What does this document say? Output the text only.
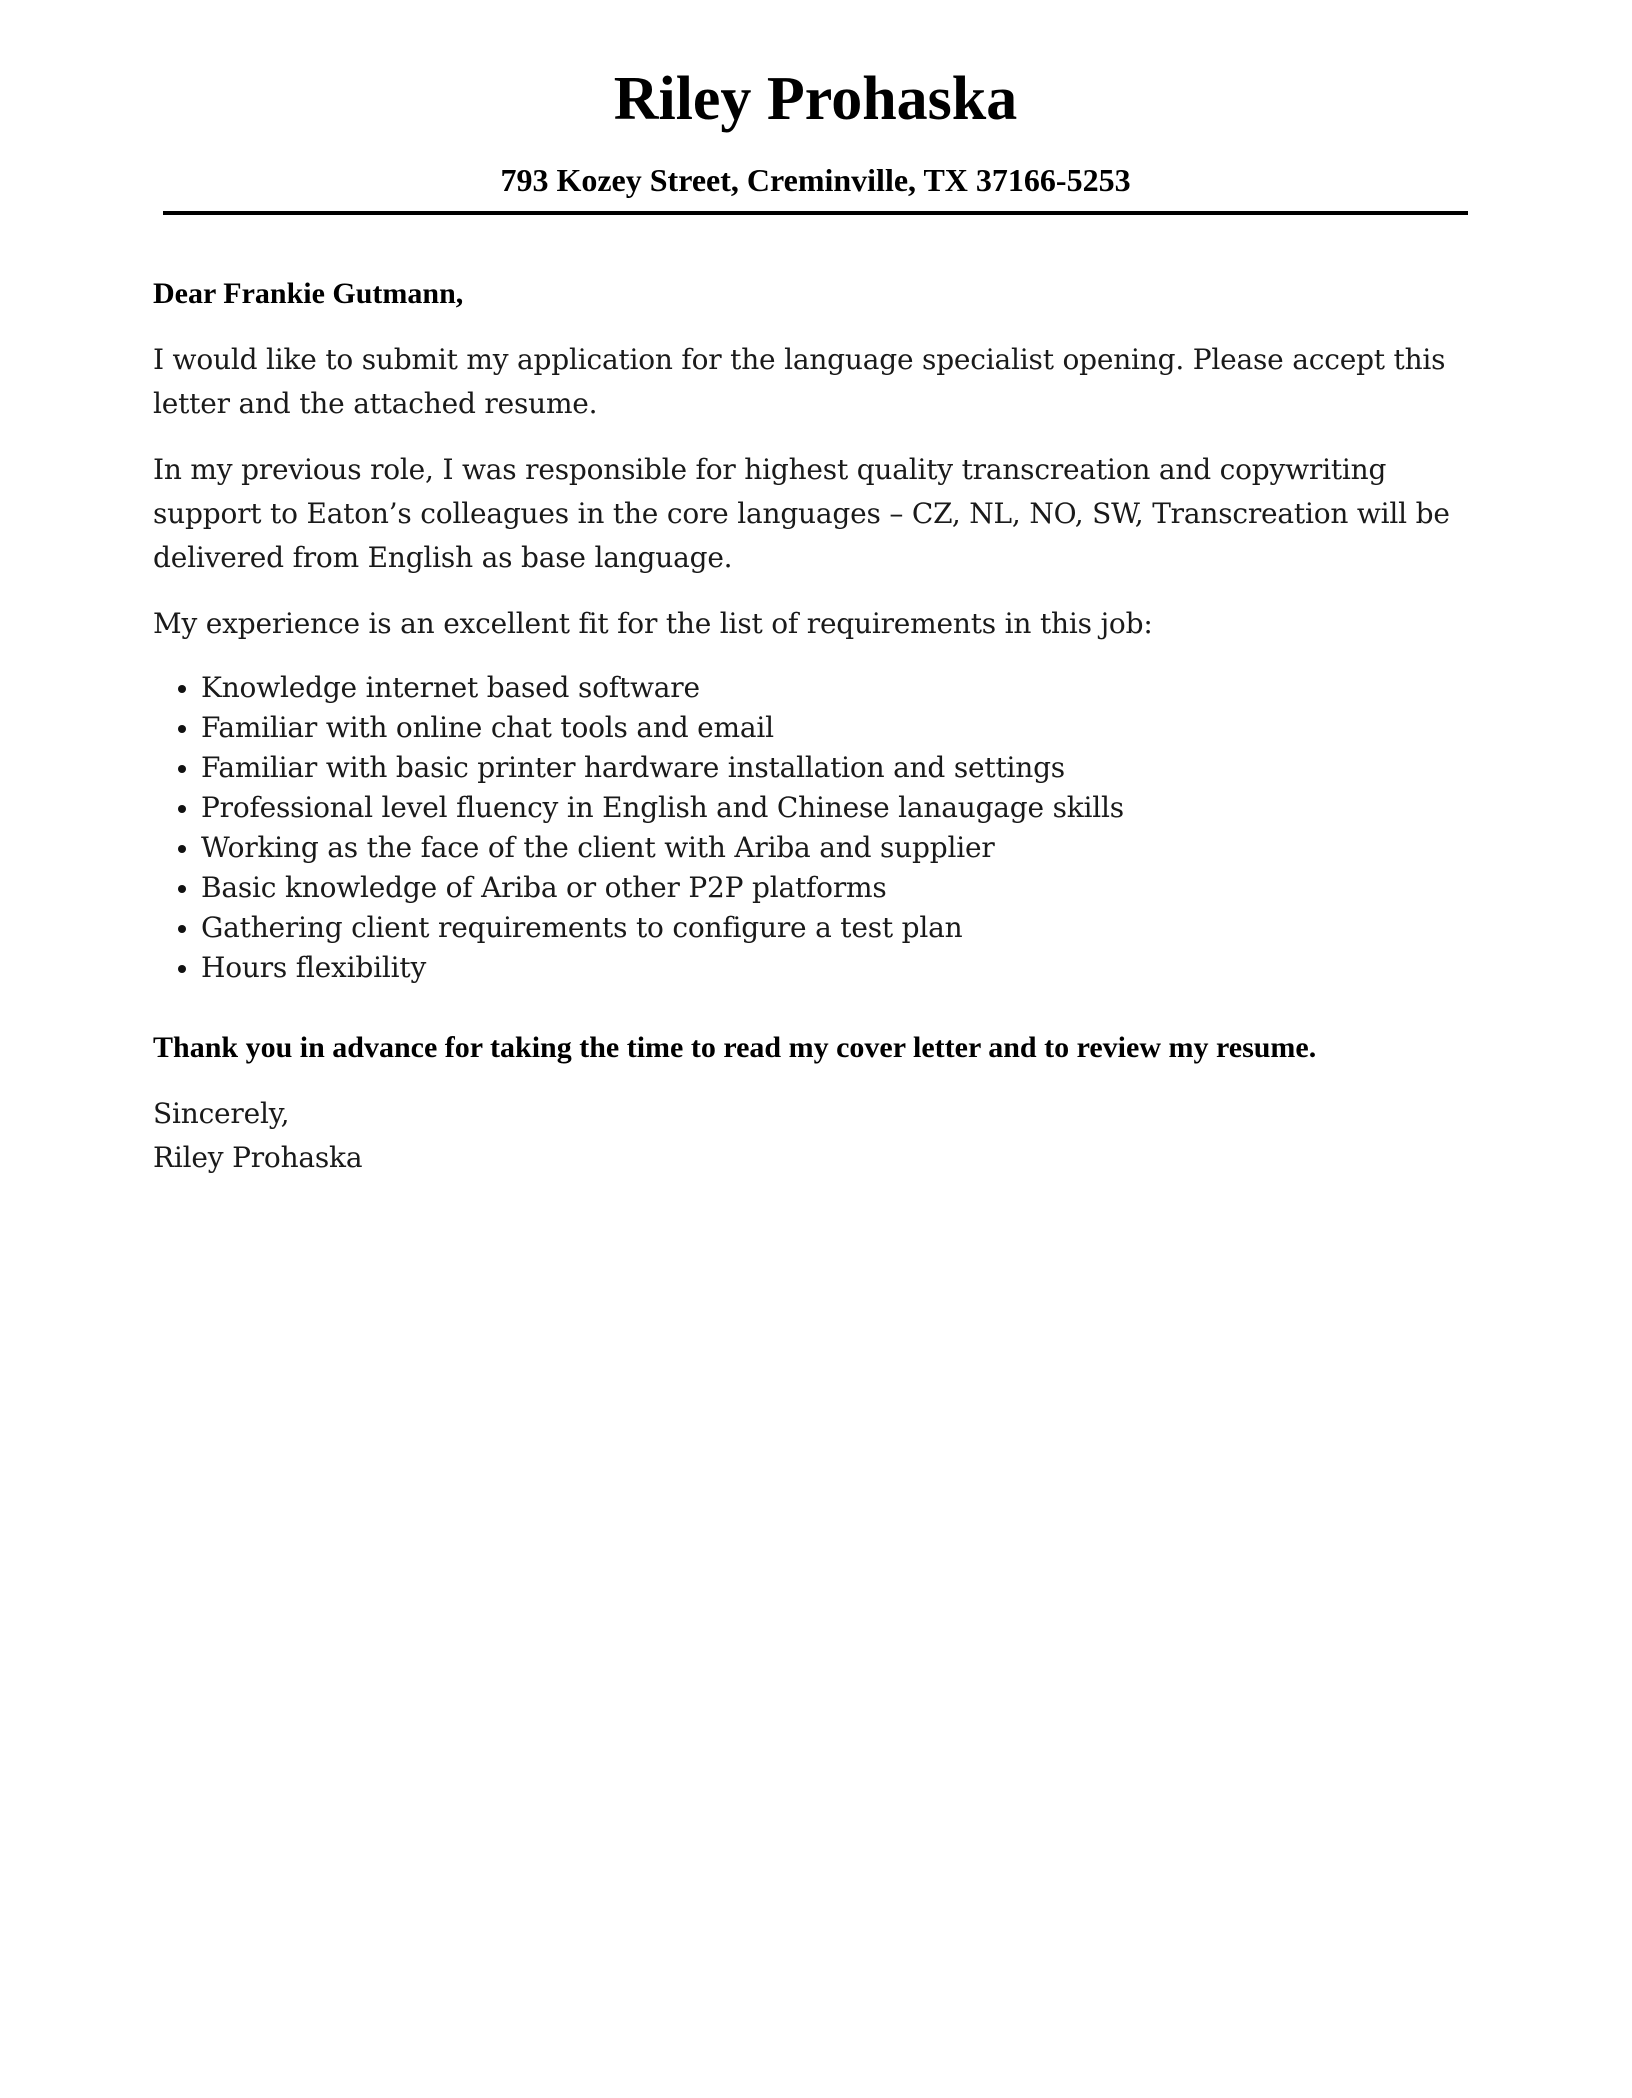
Riley Prohaska
793 Kozey Street, Creminville, TX 37166-5253

Dear Frankie Gutmann,

I would like to submit my application for the language specialist opening. Please accept this letter and the attached resume.

In my previous role, I was responsible for highest quality transcreation and copywriting support to Eaton’s colleagues in the core languages – CZ, NL, NO, SW, Transcreation will be delivered from English as base language.

My experience is an excellent fit for the list of requirements in this job:

Knowledge internet based software
Familiar with online chat tools and email
Familiar with basic printer hardware installation and settings
Professional level fluency in English and Chinese lanaugage skills
Working as the face of the client with Ariba and supplier
Basic knowledge of Ariba or other P2P platforms
Gathering client requirements to configure a test plan
Hours flexibility

Thank you in advance for taking the time to read my cover letter and to review my resume.

Sincerely,

Riley Prohaska
